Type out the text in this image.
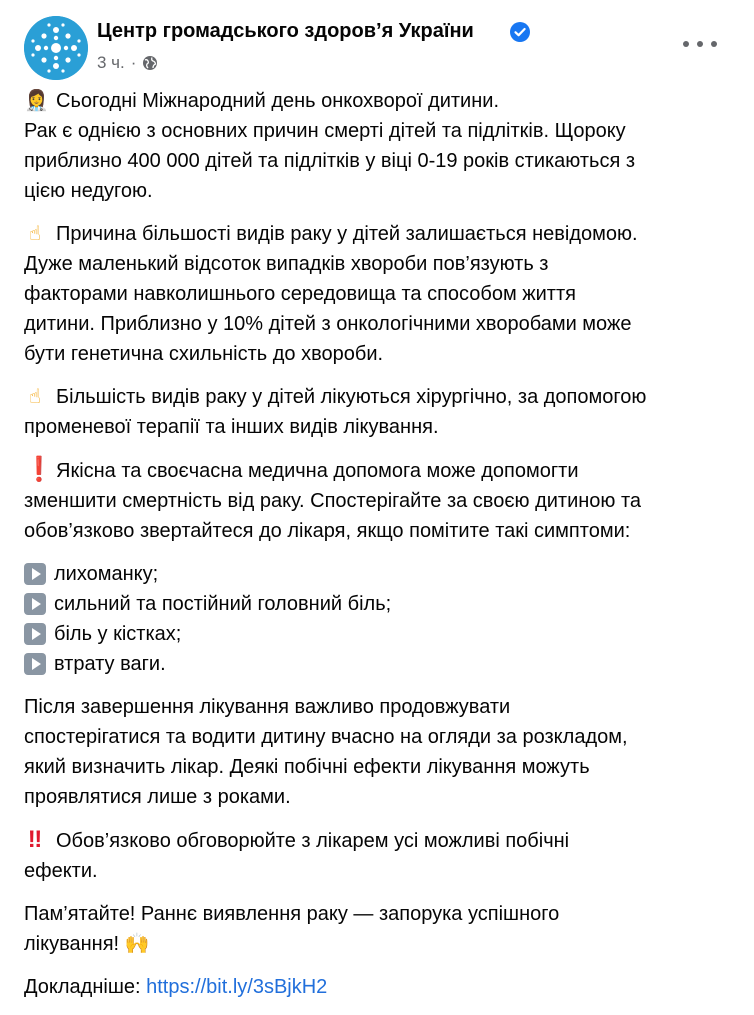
Центр громадського здоров’я України
3 ч. ·
👩‍⚕️ Сьогодні Міжнародний день онкохворої дитини.
Рак є однією з основних причин смерті дітей та підлітків. Щороку
приблизно 400 000 дітей та підлітків у віці 0-19 років стикаються з
цією недугою.
☝ Причина більшості видів раку у дітей залишається невідомою.
Дуже маленький відсоток випадків хвороби пов’язують з
факторами навколишнього середовища та способом життя
дитини. Приблизно у 10% дітей з онкологічними хворобами може
бути генетична схильність до хвороби.
☝ Більшість видів раку у дітей лікуються хірургічно, за допомогою
променевої терапії та інших видів лікування.
❗ Якісна та своєчасна медична допомога може допомогти
зменшити смертність від раку. Спостерігайте за своєю дитиною та
обов’язково звертайтеся до лікаря, якщо помітите такі симптоми:
лихоманку;
сильний та постійний головний біль;
біль у кістках;
втрату ваги.
Після завершення лікування важливо продовжувати
спостерігатися та водити дитину вчасно на огляди за розкладом,
який визначить лікар. Деякі побічні ефекти лікування можуть
проявлятися лише з роками.
‼ Обов’язково обговорюйте з лікарем усі можливі побічні
ефекти.
Пам’ятайте! Раннє виявлення раку — запорука успішного
лікування! 🙌
Докладніше: https://bit.ly/3sBjkH2
